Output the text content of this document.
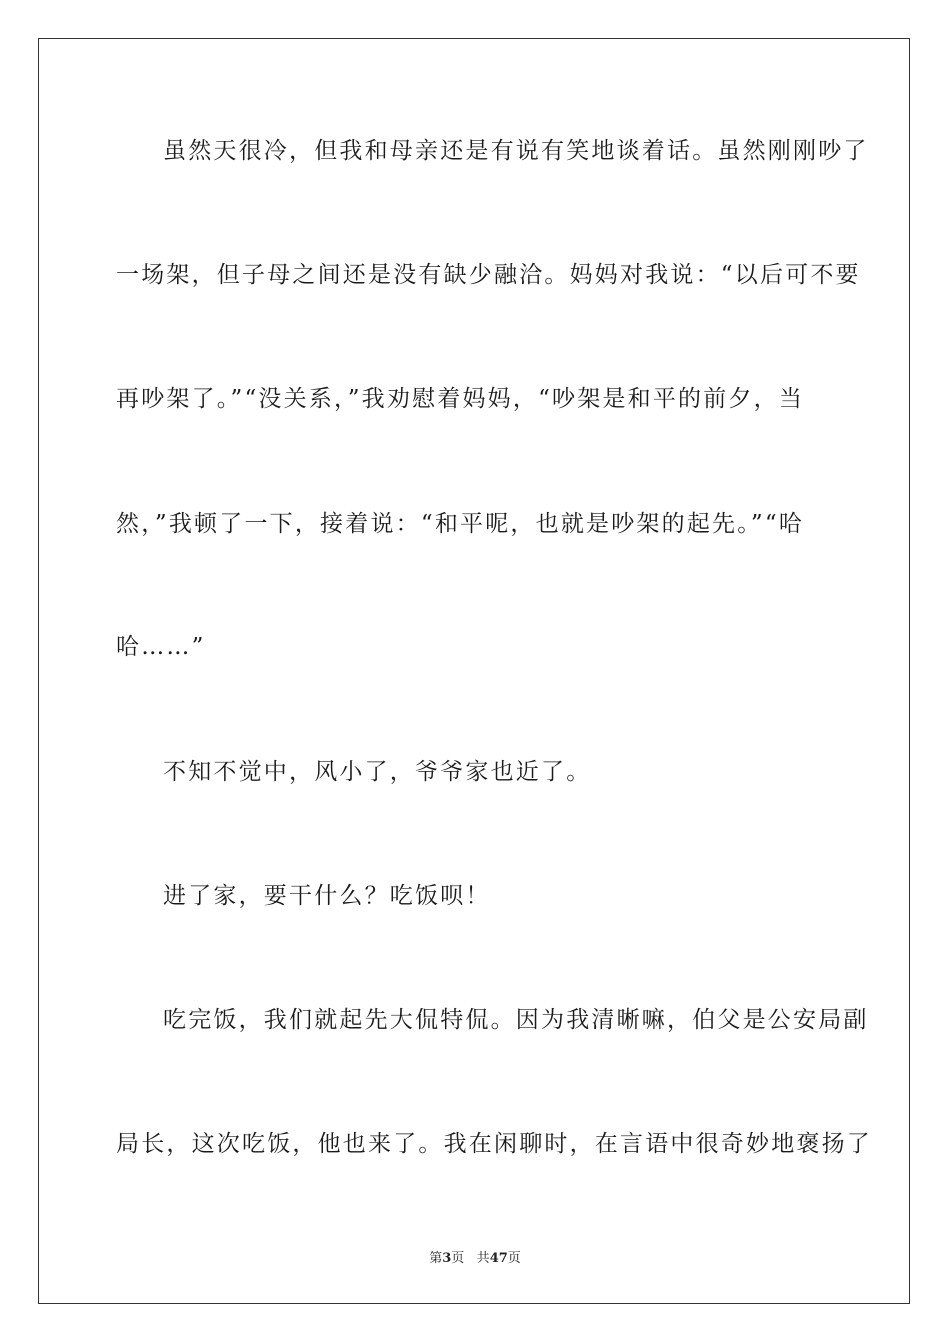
虽然天很冷，但我和母亲还是有说有笑地谈着话。虽然刚刚吵了
一场架，但子母之间还是没有缺少融洽。妈妈对我说：“以后可不要
再吵架了。”“没关系，”我劝慰着妈妈，“吵架是和平的前夕，当
然，”我顿了一下，接着说：“和平呢，也就是吵架的起先。”“哈
哈……”
不知不觉中，风小了，爷爷家也近了。
进了家，要干什么？吃饭呗！
吃完饭，我们就起先大侃特侃。因为我清晰嘛，伯父是公安局副
局长，这次吃饭，他也来了。我在闲聊时，在言语中很奇妙地褒扬了
第3页 共47页
